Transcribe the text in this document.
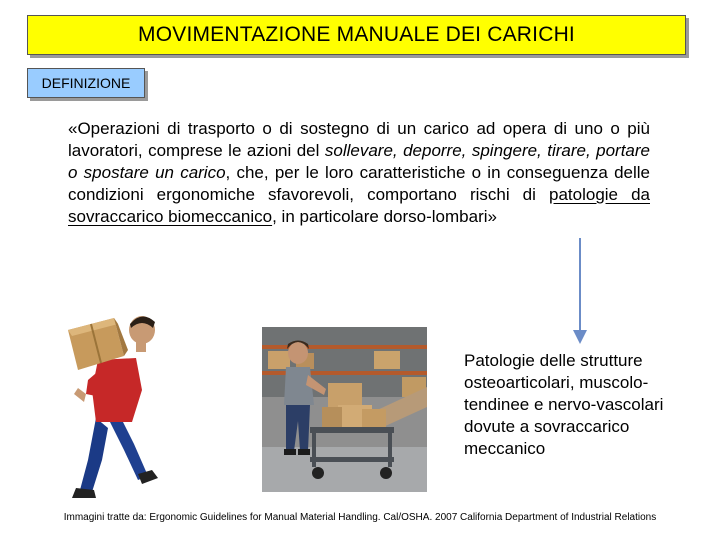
MOVIMENTAZIONE MANUALE DEI CARICHI
DEFINIZIONE

«Operazioni di trasporto o di sostegno di un carico ad opera di uno o più lavoratori, comprese le azioni del sollevare, deporre, spingere, tirare, portare o spostare un carico, che, per le loro caratteristiche o in conseguenza delle condizioni ergonomiche sfavorevoli, comportano rischi di patologie da sovraccarico biomeccanico, in particolare dorso-lombari»

Patologie delle strutture osteoarticolari, muscolo-tendinee e nervo-vascolari dovute a sovraccarico meccanico

Immagini tratte da: Ergonomic Guidelines for Manual Material Handling. Cal/OSHA. 2007 California Department of Industrial Relations
